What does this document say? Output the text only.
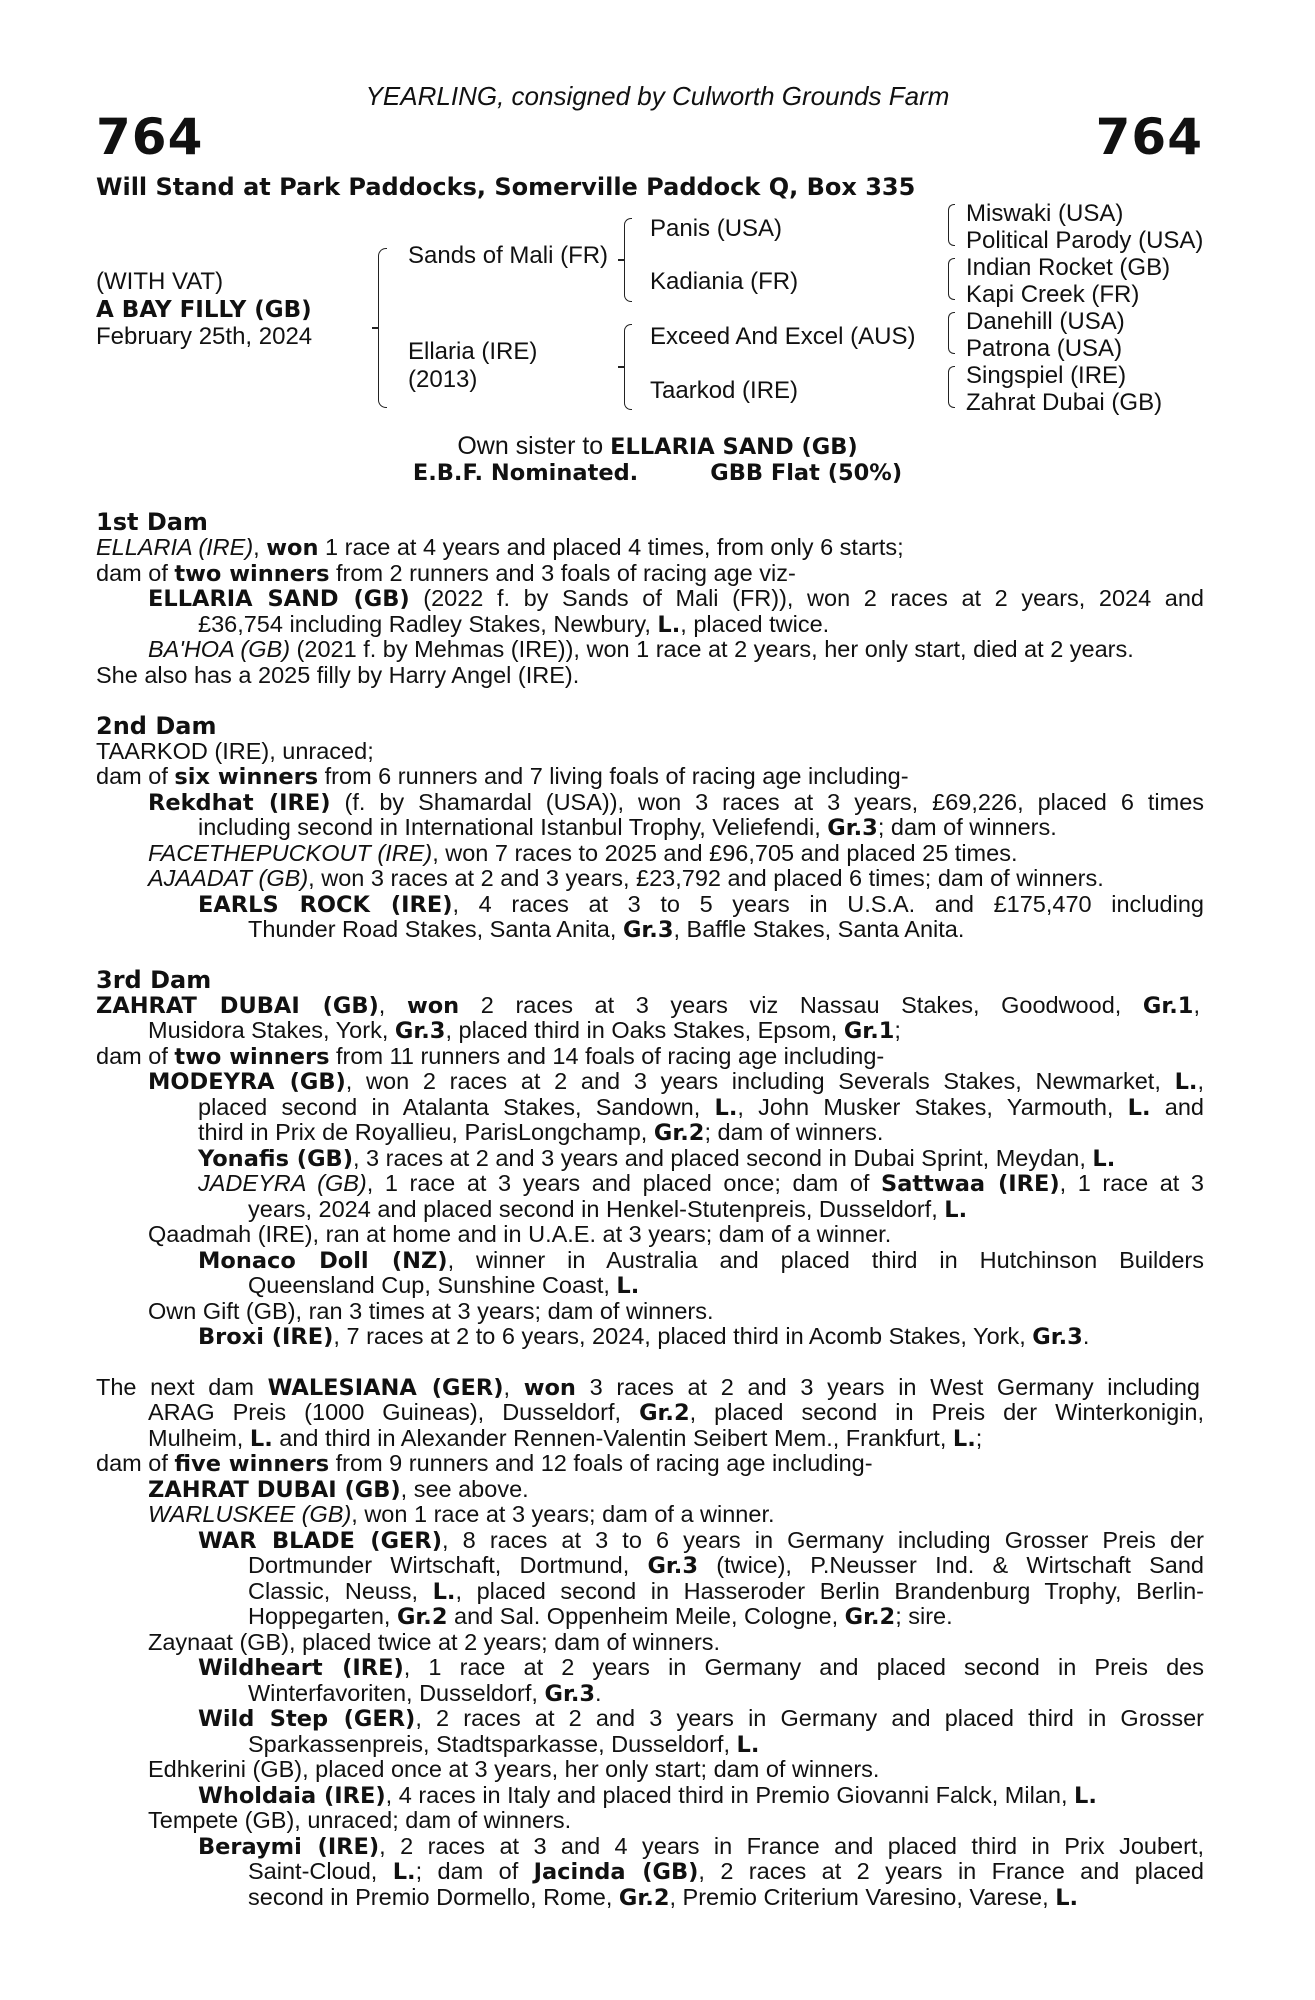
YEARLING, consigned by Culworth Grounds Farm
764	764
Will Stand at Park Paddocks, Somerville Paddock Q, Box 335
(WITH VAT)
A BAY FILLY (GB)
February 25th, 2024
Sands of Mali (FR)
Ellaria (IRE)
(2013)
Panis (USA)
Kadiania (FR)
Exceed And Excel (AUS)
Taarkod (IRE)
Miswaki (USA)
Political Parody (USA)
Indian Rocket (GB)
Kapi Creek (FR)
Danehill (USA)
Patrona (USA)
Singspiel (IRE)
Zahrat Dubai (GB)
Own sister to ELLARIA SAND (GB)
E.B.F. Nominated.	GBB Flat (50%)
1st Dam
ELLARIA (IRE), won 1 race at 4 years and placed 4 times, from only 6 starts;
dam of two winners from 2 runners and 3 foals of racing age viz-
ELLARIA SAND (GB) (2022 f. by Sands of Mali (FR)), won 2 races at 2 years, 2024 and
£36,754 including Radley Stakes, Newbury, L., placed twice.
BA'HOA (GB) (2021 f. by Mehmas (IRE)), won 1 race at 2 years, her only start, died at 2 years.
She also has a 2025 filly by Harry Angel (IRE).
2nd Dam
TAARKOD (IRE), unraced;
dam of six winners from 6 runners and 7 living foals of racing age including-
Rekdhat (IRE) (f. by Shamardal (USA)), won 3 races at 3 years, £69,226, placed 6 times
including second in International Istanbul Trophy, Veliefendi, Gr.3; dam of winners.
FACETHEPUCKOUT (IRE), won 7 races to 2025 and £96,705 and placed 25 times.
AJAADAT (GB), won 3 races at 2 and 3 years, £23,792 and placed 6 times; dam of winners.
EARLS ROCK (IRE), 4 races at 3 to 5 years in U.S.A. and £175,470 including
Thunder Road Stakes, Santa Anita, Gr.3, Baffle Stakes, Santa Anita.
3rd Dam
ZAHRAT DUBAI (GB), won 2 races at 3 years viz Nassau Stakes, Goodwood, Gr.1,
Musidora Stakes, York, Gr.3, placed third in Oaks Stakes, Epsom, Gr.1;
dam of two winners from 11 runners and 14 foals of racing age including-
MODEYRA (GB), won 2 races at 2 and 3 years including Severals Stakes, Newmarket, L.,
placed second in Atalanta Stakes, Sandown, L., John Musker Stakes, Yarmouth, L. and
third in Prix de Royallieu, ParisLongchamp, Gr.2; dam of winners.
Yonafis (GB), 3 races at 2 and 3 years and placed second in Dubai Sprint, Meydan, L.
JADEYRA (GB), 1 race at 3 years and placed once; dam of Sattwaa (IRE), 1 race at 3
years, 2024 and placed second in Henkel-Stutenpreis, Dusseldorf, L.
Qaadmah (IRE), ran at home and in U.A.E. at 3 years; dam of a winner.
Monaco Doll (NZ), winner in Australia and placed third in Hutchinson Builders
Queensland Cup, Sunshine Coast, L.
Own Gift (GB), ran 3 times at 3 years; dam of winners.
Broxi (IRE), 7 races at 2 to 6 years, 2024, placed third in Acomb Stakes, York, Gr.3.
The next dam WALESIANA (GER), won 3 races at 2 and 3 years in West Germany including
ARAG Preis (1000 Guineas), Dusseldorf, Gr.2, placed second in Preis der Winterkonigin,
Mulheim, L. and third in Alexander Rennen-Valentin Seibert Mem., Frankfurt, L.;
dam of five winners from 9 runners and 12 foals of racing age including-
ZAHRAT DUBAI (GB), see above.
WARLUSKEE (GB), won 1 race at 3 years; dam of a winner.
WAR BLADE (GER), 8 races at 3 to 6 years in Germany including Grosser Preis der
Dortmunder Wirtschaft, Dortmund, Gr.3 (twice), P.Neusser Ind. & Wirtschaft Sand
Classic, Neuss, L., placed second in Hasseroder Berlin Brandenburg Trophy, Berlin-
Hoppegarten, Gr.2 and Sal. Oppenheim Meile, Cologne, Gr.2; sire.
Zaynaat (GB), placed twice at 2 years; dam of winners.
Wildheart (IRE), 1 race at 2 years in Germany and placed second in Preis des
Winterfavoriten, Dusseldorf, Gr.3.
Wild Step (GER), 2 races at 2 and 3 years in Germany and placed third in Grosser
Sparkassenpreis, Stadtsparkasse, Dusseldorf, L.
Edhkerini (GB), placed once at 3 years, her only start; dam of winners.
Wholdaia (IRE), 4 races in Italy and placed third in Premio Giovanni Falck, Milan, L.
Tempete (GB), unraced; dam of winners.
Beraymi (IRE), 2 races at 3 and 4 years in France and placed third in Prix Joubert,
Saint-Cloud, L.; dam of Jacinda (GB), 2 races at 2 years in France and placed
second in Premio Dormello, Rome, Gr.2, Premio Criterium Varesino, Varese, L.
